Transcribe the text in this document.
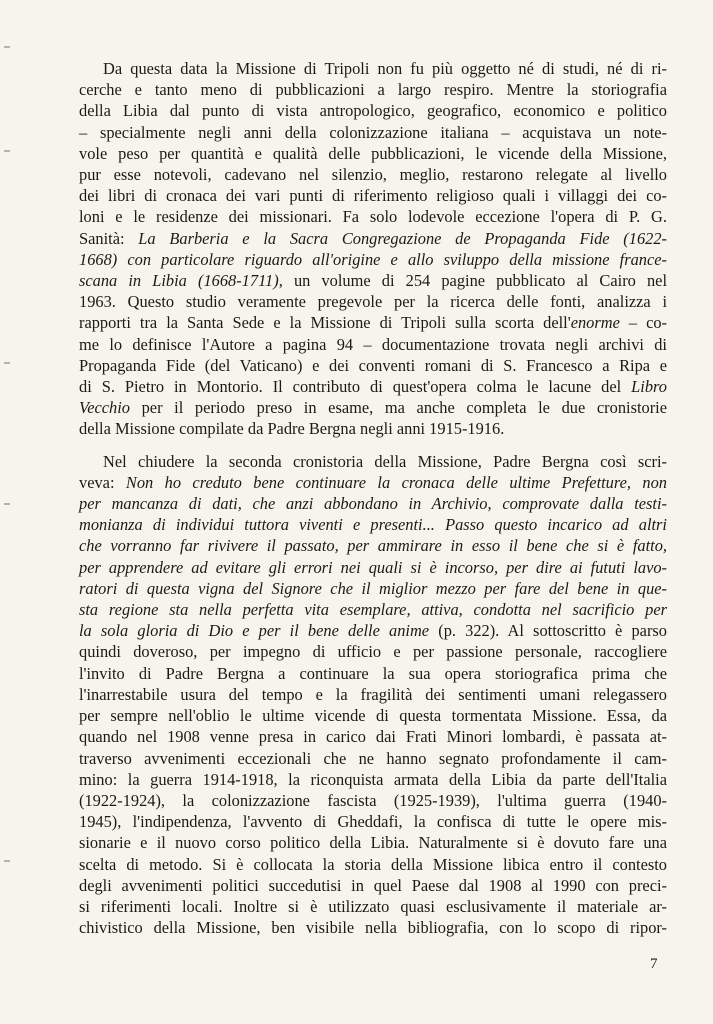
Da questa data la Missione di Tripoli non fu più oggetto né di studi, né di ri-
cerche e tanto meno di pubblicazioni a largo respiro. Mentre la storiografia
della Libia dal punto di vista antropologico, geografico, economico e politico
– specialmente negli anni della colonizzazione italiana – acquistava un note-
vole peso per quantità e qualità delle pubblicazioni, le vicende della Missione,
pur esse notevoli, cadevano nel silenzio, meglio, restarono relegate al livello
dei libri di cronaca dei vari punti di riferimento religioso quali i villaggi dei co-
loni e le residenze dei missionari. Fa solo lodevole eccezione l'opera di P. G.
Sanità: La Barberia e la Sacra Congregazione de Propaganda Fide (1622-
1668) con particolare riguardo all'origine e allo sviluppo della missione france-
scana in Libia (1668-1711), un volume di 254 pagine pubblicato al Cairo nel
1963. Questo studio veramente pregevole per la ricerca delle fonti, analizza i
rapporti tra la Santa Sede e la Missione di Tripoli sulla scorta dell'enorme – co-
me lo definisce l'Autore a pagina 94 – documentazione trovata negli archivi di
Propaganda Fide (del Vaticano) e dei conventi romani di S. Francesco a Ripa e
di S. Pietro in Montorio. Il contributo di quest'opera colma le lacune del Libro
Vecchio per il periodo preso in esame, ma anche completa le due cronistorie
della Missione compilate da Padre Bergna negli anni 1915-1916.
Nel chiudere la seconda cronistoria della Missione, Padre Bergna così scri-
veva: Non ho creduto bene continuare la cronaca delle ultime Prefetture, non
per mancanza di dati, che anzi abbondano in Archivio, comprovate dalla testi-
monianza di individui tuttora viventi e presenti... Passo questo incarico ad altri
che vorranno far rivivere il passato, per ammirare in esso il bene che si è fatto,
per apprendere ad evitare gli errori nei quali si è incorso, per dire ai fututi lavo-
ratori di questa vigna del Signore che il miglior mezzo per fare del bene in que-
sta regione sta nella perfetta vita esemplare, attiva, condotta nel sacrificio per
la sola gloria di Dio e per il bene delle anime (p. 322). Al sottoscritto è parso
quindi doveroso, per impegno di ufficio e per passione personale, raccogliere
l'invito di Padre Bergna a continuare la sua opera storiografica prima che
l'inarrestabile usura del tempo e la fragilità dei sentimenti umani relegassero
per sempre nell'oblio le ultime vicende di questa tormentata Missione. Essa, da
quando nel 1908 venne presa in carico dai Frati Minori lombardi, è passata at-
traverso avvenimenti eccezionali che ne hanno segnato profondamente il cam-
mino: la guerra 1914-1918, la riconquista armata della Libia da parte dell'Italia
(1922-1924), la colonizzazione fascista (1925-1939), l'ultima guerra (1940-
1945), l'indipendenza, l'avvento di Gheddafi, la confisca di tutte le opere mis-
sionarie e il nuovo corso politico della Libia. Naturalmente si è dovuto fare una
scelta di metodo. Si è collocata la storia della Missione libica entro il contesto
degli avvenimenti politici succedutisi in quel Paese dal 1908 al 1990 con preci-
si riferimenti locali. Inoltre si è utilizzato quasi esclusivamente il materiale ar-
chivistico della Missione, ben visibile nella bibliografia, con lo scopo di ripor-
7
